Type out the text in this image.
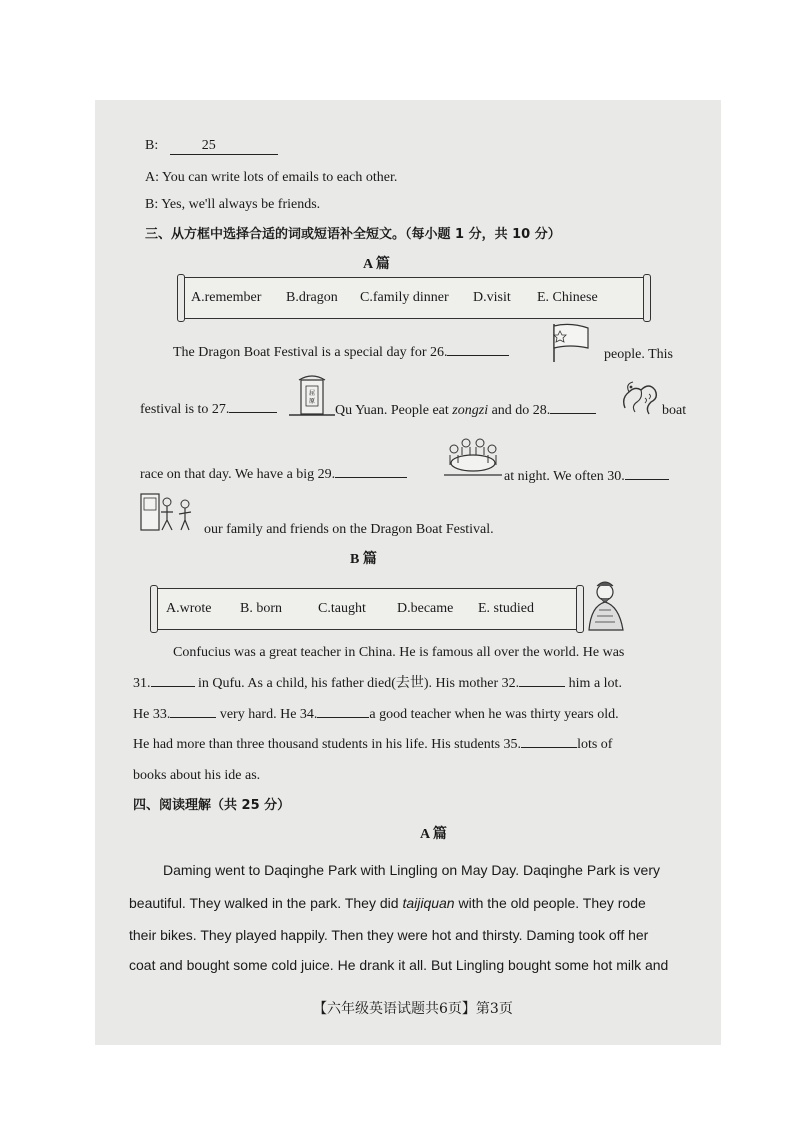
B:	25
A: You can write lots of emails to each other.
B: Yes, we'll always be friends.
三、从方框中选择合适的词或短语补全短文。（每小题 1 分，共 10 分）
A 篇
A.remember B.dragon C.family dinner D.visit E. Chinese
The Dragon Boat Festival is a special day for 26.	people. This
festival is to 27.
屈
原
Qu Yuan. People eat zongzi and do 28.	boat
race on that day. We have a big 29.	at night. We often 30.
our family and friends on the Dragon Boat Festival.
B 篇
A.wrote B. born	C.taught D.became E. studied
Confucius was a great teacher in China. He is famous all over the world. He was
31.	in Qufu. As a child, his father died(去世). His mother 32.	him a lot.
He 33.	very hard. He 34.	a good teacher when he was thirty years old.
He had more than three thousand students in his life. His students 35.	lots of
books about his ide as.
四、阅读理解（共 25 分）
A 篇
Daming went to Daqinghe Park with Lingling on May Day. Daqinghe Park is very
beautiful. They walked in the park. They did taijiquan with the old people. They rode
their bikes. They played happily. Then they were hot and thirsty. Daming took off her
coat and bought some cold juice. He drank it all. But Lingling bought some hot milk and
【六年级英语试题共6页】第3页
